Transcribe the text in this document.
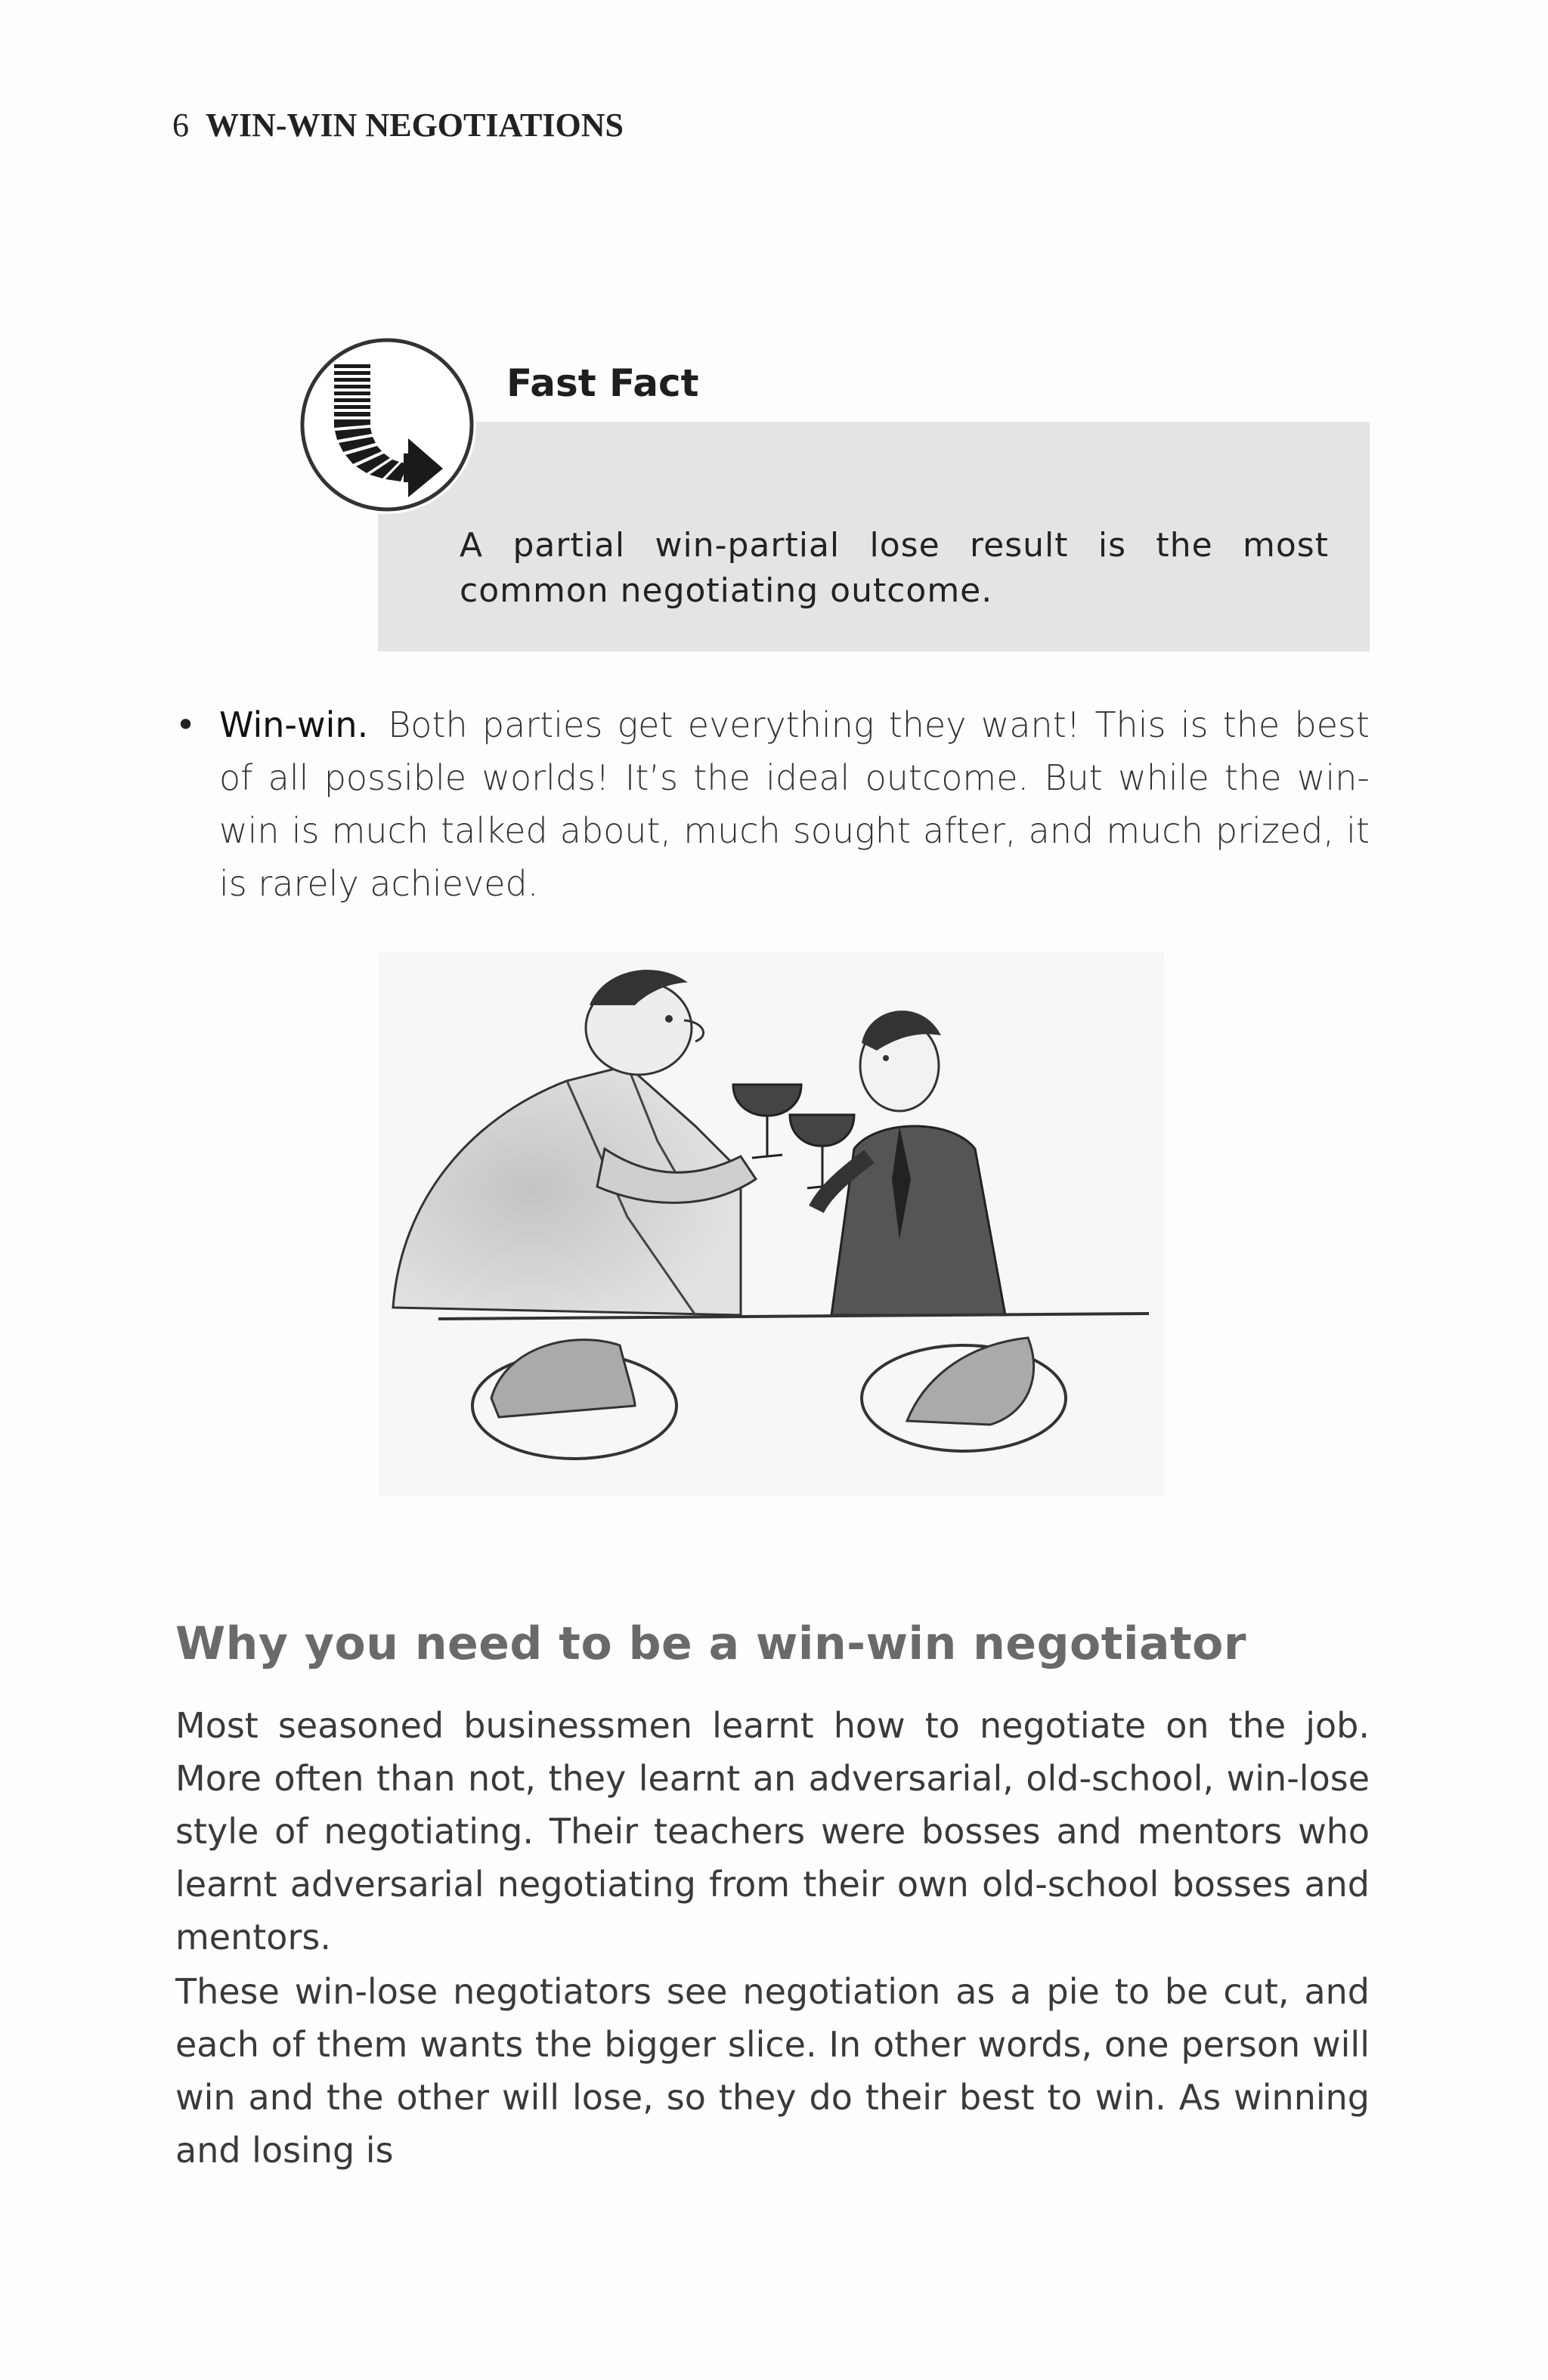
6 WIN-WIN NEGOTIATIONS
Fast Fact
A partial win-partial lose result is the most common negotiating outcome.
• Win-win. Both parties get everything they want! This is the best of all possible worlds! It’s the ideal outcome. But while the win-win is much talked about, much sought after, and much prized, it is rarely achieved.
Why you need to be a win-win negotiator
Most seasoned businessmen learnt how to negotiate on the job. More often than not, they learnt an adversarial, old-school, win-lose style of negotiating. Their teachers were bosses and mentors who learnt adversarial negotiating from their own old-school bosses and mentors.
These win-lose negotiators see negotiation as a pie to be cut, and each of them wants the bigger slice. In other words, one person will win and the other will lose, so they do their best to win. As winning and losing is
